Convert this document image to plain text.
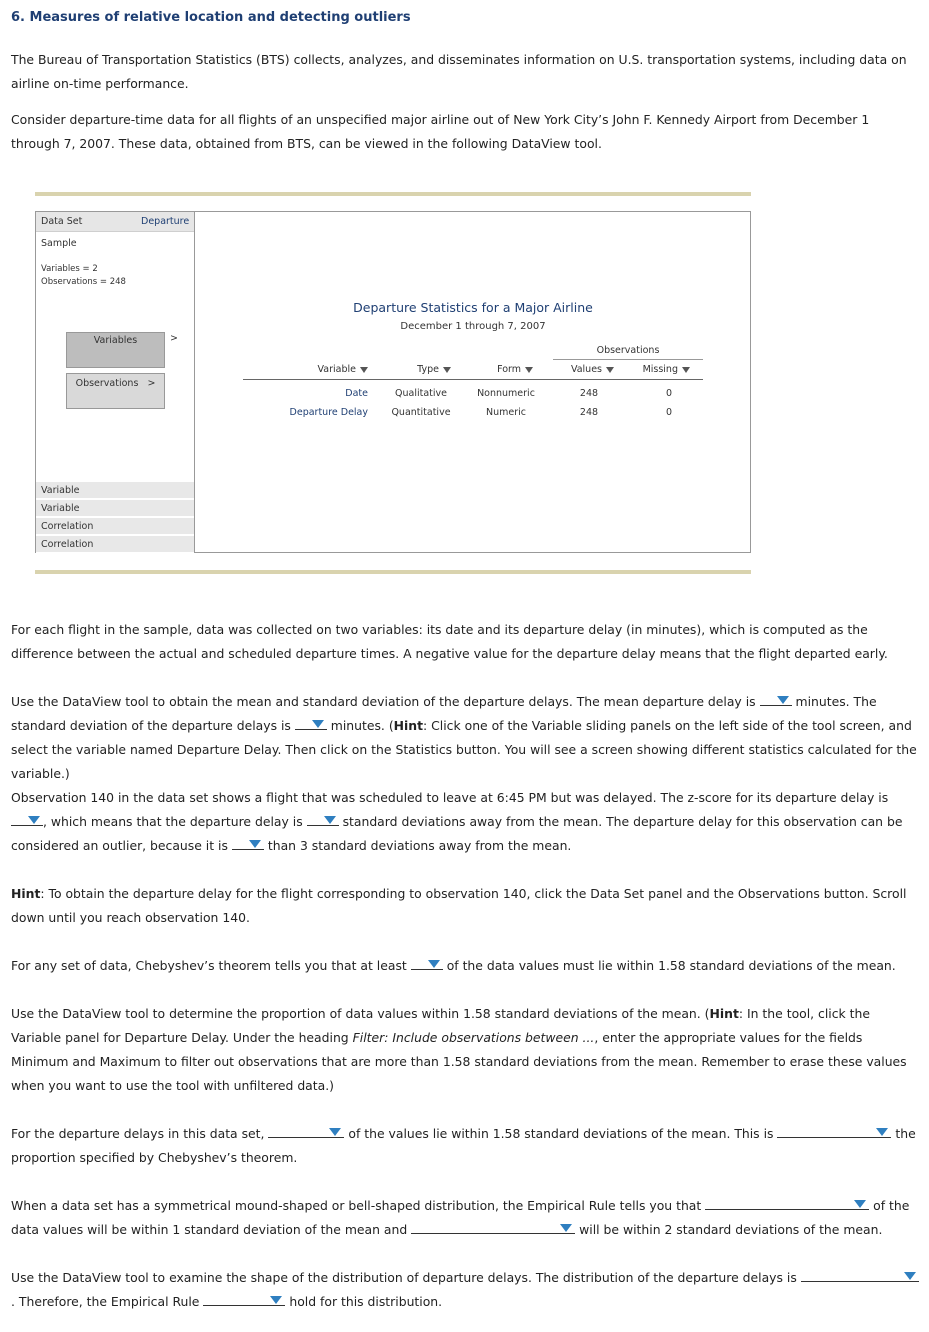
6. Measures of relative location and detecting outliers
The Bureau of Transportation Statistics (BTS) collects, analyzes, and disseminates information on U.S. transportation systems, including data on airline on-time performance.
Consider departure-time data for all flights of an unspecified major airline out of New York City’s John F. Kennedy Airport from December 1 through 7, 2007. These data, obtained from BTS, can be viewed in the following DataView tool.
Data Set	Departure
Sample
Variables = 2
Observations = 248
Variables	>
Observations >
Variable
Variable
Correlation
Correlation
Departure Statistics for a Major Airline
December 1 through 7, 2007
Observations
Variable	Type	Form	Values	Missing
Date	Qualitative	Nonnumeric	248	0
Departure Delay	Quantitative	Numeric	248	0
For each flight in the sample, data was collected on two variables: its date and its departure delay (in minutes), which is computed as the difference between the actual and scheduled departure times. A negative value for the departure delay means that the flight departed early.
Use the DataView tool to obtain the mean and standard deviation of the departure delays. The mean departure delay is	minutes. The standard deviation of the departure delays is	minutes. (Hint: Click one of the Variable sliding panels on the left side of the tool screen, and select the variable named Departure Delay. Then click on the Statistics button. You will see a screen showing different statistics calculated for the variable.)
Observation 140 in the data set shows a flight that was scheduled to leave at 6:45 PM but was delayed. The z-score for its departure delay is
, which means that the departure delay is	standard deviations away from the mean. The departure delay for this observation can be considered an outlier, because it is	than 3 standard deviations away from the mean.
Hint: To obtain the departure delay for the flight corresponding to observation 140, click the Data Set panel and the Observations button. Scroll down until you reach observation 140.
For any set of data, Chebyshev’s theorem tells you that at least	of the data values must lie within 1.58 standard deviations of the mean.
Use the DataView tool to determine the proportion of data values within 1.58 standard deviations of the mean. (Hint: In the tool, click the Variable panel for Departure Delay. Under the heading Filter: Include observations between ..., enter the appropriate values for the fields Minimum and Maximum to filter out observations that are more than 1.58 standard deviations from the mean. Remember to erase these values when you want to use the tool with unfiltered data.)
For the departure delays in this data set,	of the values lie within 1.58 standard deviations of the mean. This is	the proportion specified by Chebyshev’s theorem.
When a data set has a symmetrical mound-shaped or bell-shaped distribution, the Empirical Rule tells you that	of the data values will be within 1 standard deviation of the mean and	will be within 2 standard deviations of the mean.
Use the DataView tool to examine the shape of the distribution of departure delays. The distribution of the departure delays is
. Therefore, the Empirical Rule	hold for this distribution.
